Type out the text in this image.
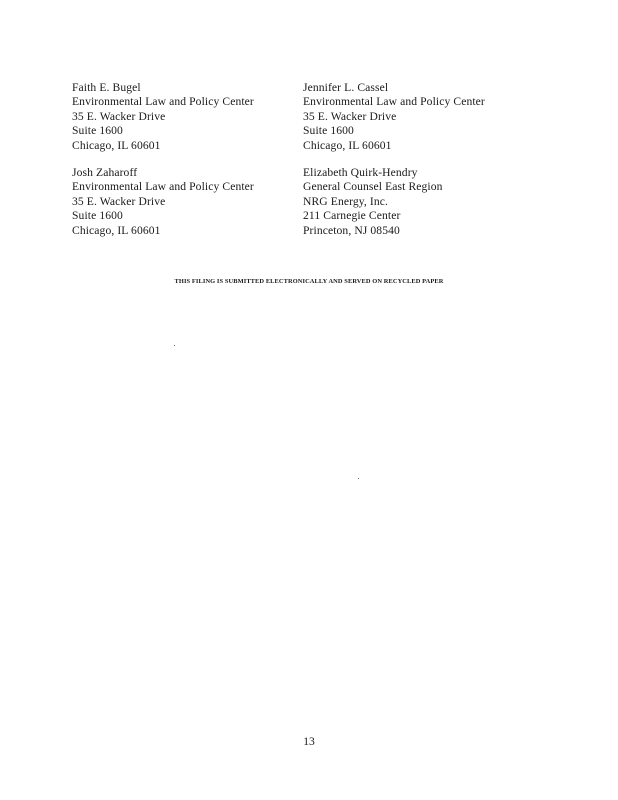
Faith E. Bugel
Environmental Law and Policy Center
35 E. Wacker Drive
Suite 1600
Chicago, IL 60601
Jennifer L. Cassel
Environmental Law and Policy Center
35 E. Wacker Drive
Suite 1600
Chicago, IL 60601
Josh Zaharoff
Environmental Law and Policy Center
35 E. Wacker Drive
Suite 1600
Chicago, IL 60601
Elizabeth Quirk-Hendry
General Counsel East Region
NRG Energy, Inc.
211 Carnegie Center
Princeton, NJ 08540
THIS FILING IS SUBMITTED ELECTRONICALLY AND SERVED ON RECYCLED PAPER
13
